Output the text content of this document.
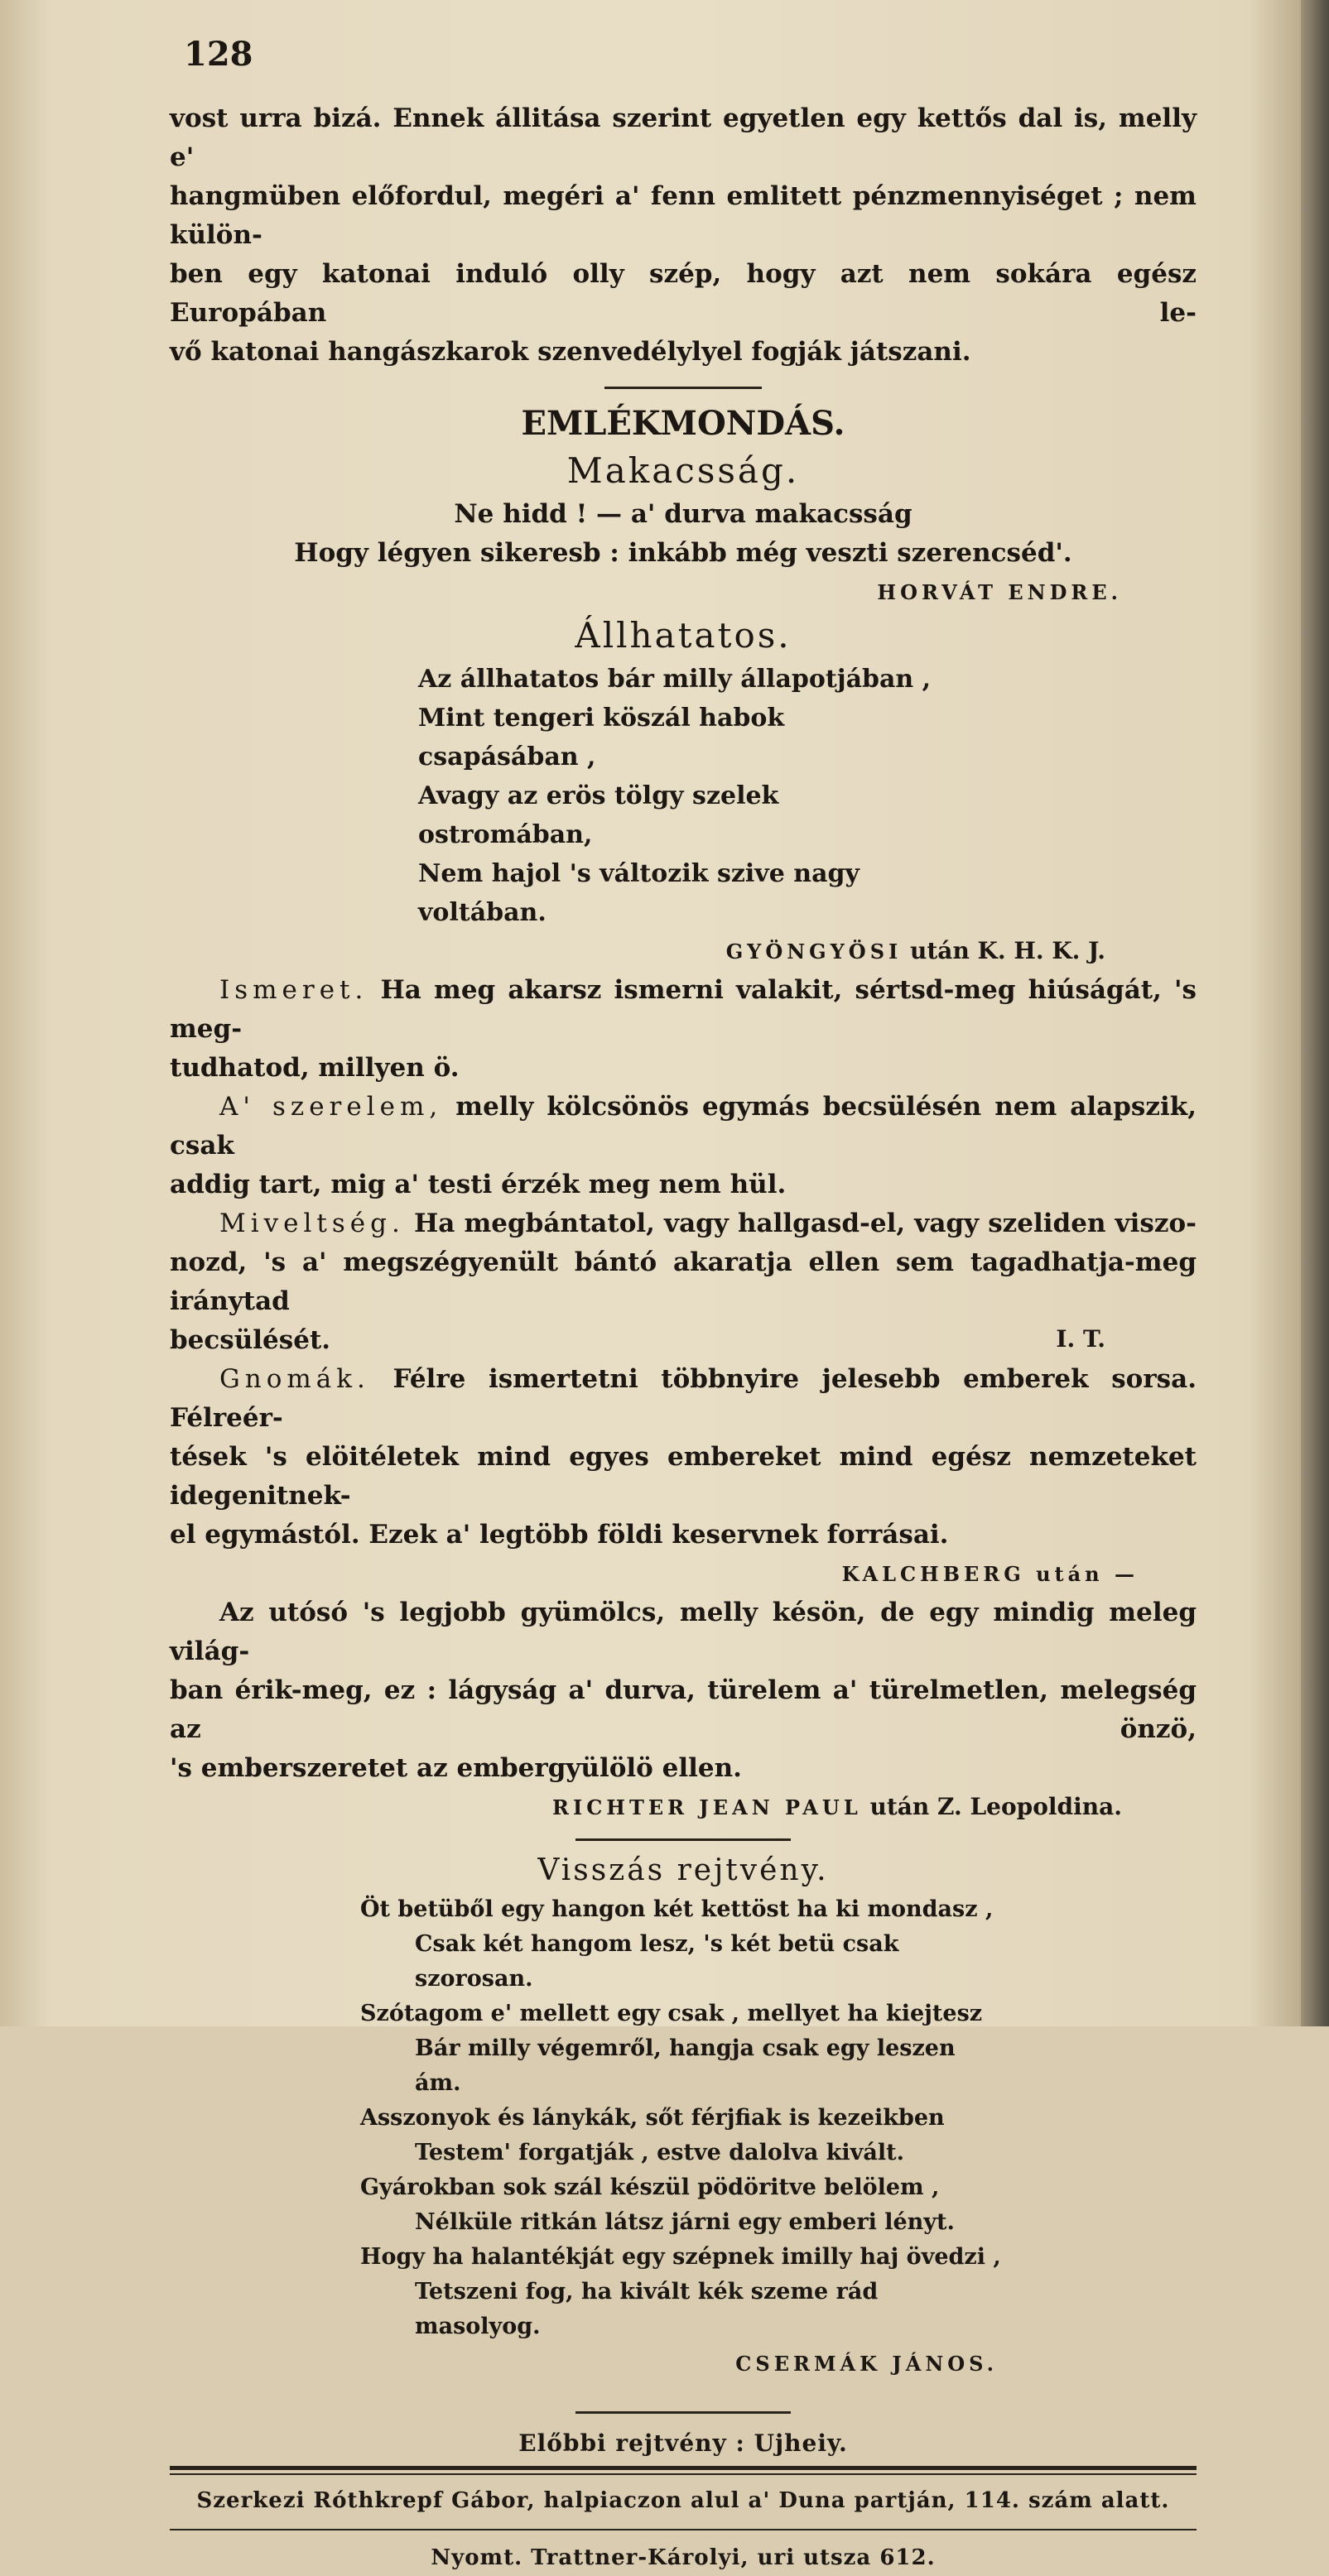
128

vost urra bizá. Ennek állitása szerint egyetlen egy kettős dal is, melly e'

hangmüben előfordul, megéri a' fenn emlitett pénzmennyiséget ; nem külön-

ben egy katonai induló olly szép, hogy azt nem sokára egész Europában le-

vő katonai hangászkarok szenvedélylyel fogják játszani.

EMLÉKMONDÁS.
Makacsság.

Ne hidd ! — a' durva makacsság

Hogy légyen sikeresb : inkább még veszti szerencséd'.

HORVÁT ENDRE.
Állhatatos.
Az állhatatos bár milly állapotjában ,
Mint tengeri köszál habok csapásában ,
Avagy az erös tölgy szelek ostromában,
Nem hajol 's változik szive nagy voltában.
GYÖNGYÖSI után K. H. K. J.

Ismeret. Ha meg akarsz ismerni valakit, sértsd-meg hiúságát, 's meg-

tudhatod, millyen ö.

A' szerelem, melly kölcsönös egymás becsülésén nem alapszik, csak

addig tart, mig a' testi érzék meg nem hül.

Miveltség. Ha megbántatol, vagy hallgasd-el, vagy szeliden viszo-

nozd, 's a' megszégyenült bántó akaratja ellen sem tagadhatja-meg iránytad

becsülését.	I. T.

Gnomák. Félre ismertetni többnyire jelesebb emberek sorsa. Félreér-

tések 's elöitéletek mind egyes embereket mind egész nemzeteket idegenitnek-

el egymástól. Ezek a' legtöbb földi keservnek forrásai.

KALCHBERG után —

Az utósó 's legjobb gyümölcs, melly késön, de egy mindig meleg világ-

ban érik-meg, ez : lágyság a' durva, türelem a' türelmetlen, melegség az önzö,

's emberszeretet az embergyülölö ellen.

RICHTER JEAN PAUL után Z. Leopoldina.
Visszás rejtvény.
Öt betüből egy hangon két kettöst ha ki mondasz ,
Csak két hangom lesz, 's két betü csak szorosan.
Szótagom e' mellett egy csak , mellyet ha kiejtesz
Bár milly végemről, hangja csak egy leszen ám.
Asszonyok és lánykák, sőt férjfiak is kezeikben
Testem' forgatják , estve dalolva kivált.
Gyárokban sok szál készül pödöritve belölem ,
Nélküle ritkán látsz járni egy emberi lényt.
Hogy ha halantékját egy szépnek imilly haj övedzi ,
Tetszeni fog, ha kivált kék szeme rád masolyog.
CSERMÁK JÁNOS.

Előbbi rejtvény : Ujheiy.

Szerkezi Róthkrepf Gábor, halpiaczon alul a' Duna partján, 114. szám alatt.

Nyomt. Trattner-Károlyi, uri utsza 612.
